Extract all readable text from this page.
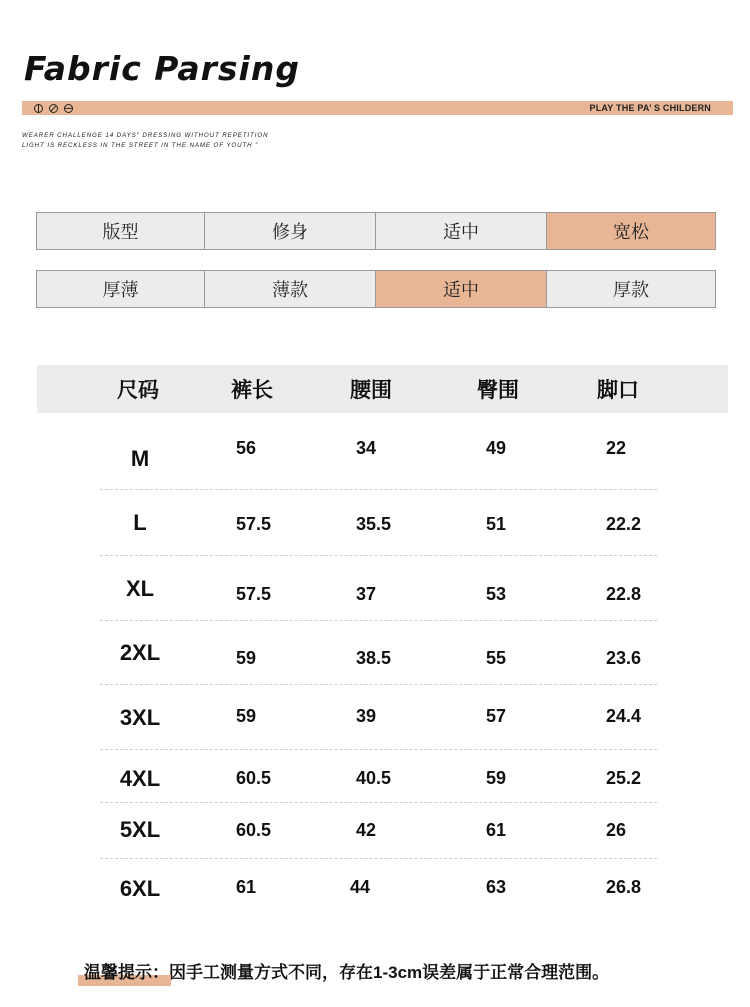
Fabric Parsing
PLAY THE PA’ S CHILDERN
WEARER CHALLENGE 14 DAYS" DRESSING WITHOUT REPETITION
LIGHT IS RECKLESS IN THE STREET IN THE NAME OF YOUTH "
版型	修身	适中	宽松
厚薄	薄款	适中	厚款
尺码	裤长	腰围	臀围	脚口
M	56	34	49	22
L	57.5	35.5	51	22.2
XL	57.5	37	53	22.8
2XL	59	38.5	55	23.6
3XL	59	39	57	24.4
4XL	60.5	40.5	59	25.2
5XL	60.5	42	61	26
6XL	61	44	63	26.8
温馨提示：因手工测量方式不同，存在1-3cm误差属于正常合理范围。
